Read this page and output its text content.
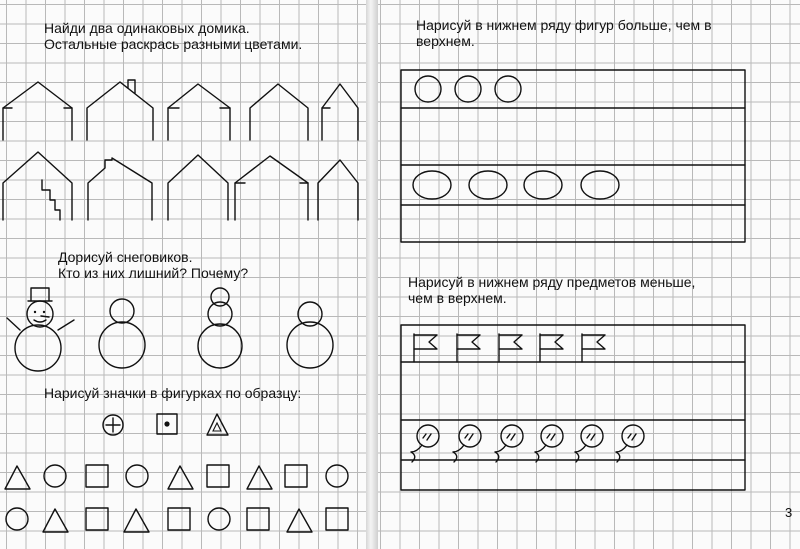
Найди два одинаковых домика.
Остальные раскрась разными цветами.
Дорисуй снеговиков.
Кто из них лишний? Почему?
Нарисуй значки в фигурках по образцу:
Нарисуй в нижнем ряду фигур больше, чем в
верхнем.
Нарисуй в нижнем ряду предметов меньше,
чем в верхнем.
3
